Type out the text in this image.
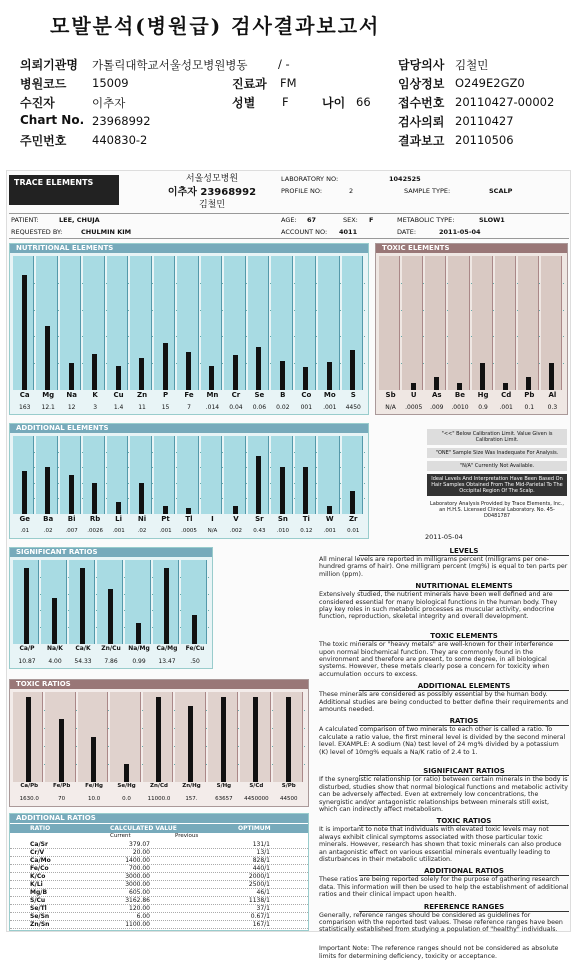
모발분석(병원급) 검사결과보고서
의뢰기관명 가톨릭대학교서울성모병원병동	/ -	담당의사 김철민
병원코드 15009	진료과 FM	임상정보 O249E2GZ0
수진자	이추자	성별 F	나이 66 접수번호 20110427-00002
Chart No. 23968992	검사의뢰 20110427
주민번호 440830-2	결과보고 20110506
TRACE ELEMENTS	서울성모병원
이추자 23968992
김철민
LABORATORY NO:	1042525
PROFILE NO:	2	SAMPLE TYPE:	SCALP
PATIENT:	LEE, CHUJA	AGE: 67	SEX: F	METABOLIC TYPE:	SLOW1
REQUESTED BY:	CHULMIN KIM	ACCOUNT NO: 4011	DATE:	2011-05-04
NUTRITIONAL ELEMENTS
Ca
163
Mg
12.1
Na
12
K
3
Cu
1.4
Zn
11
P
15
Fe
7
Mn
.014
Cr
0.04
Se
0.06
B
0.02
Co
001
Mo
.001
S
4450
TOXIC ELEMENTS
Sb
N/A
U
.0005
As
.009
Be
.0010
Hg
0.9
Cd
.001
Pb
0.1
Al
0.3
ADDITIONAL ELEMENTS
Ge
.01
Ba
.02
Bi
.007
Rb
.0026
Li
.001
Ni
.02
Pt
.001
Tl
.0005
I
N/A
V
.002
Sr
0.43
Sn
.010
Ti
0.12
W
.001
Zr
0.01
"<<" Below Calibration Limit. Value Given is Calibration Limit.
"ONE" Sample Size Was Inadequate For Analysis.
"N/A" Currently Not Available.
Ideal Levels And Interpretation Have Been Based On Hair Samples Obtained From The Mid-Parietal To The Occipital Region Of The Scalp.
Laboratory Analysis Provided by Trace Elements, Inc., an H.H.S. Licensed Clinical Laboratory. No. 45-D0481787
2011-05-04
SIGNIFICANT RATIOS
Ca/P
10.87
Na/K
4.00
Ca/K
54.33
Zn/Cu
7.86
Na/Mg
0.99
Ca/Mg
13.47
Fe/Cu
.50
TOXIC RATIOS
Ca/Pb
1630.0
Fe/Pb
70
Fe/Hg
10.0
Se/Hg
0.0
Zn/Cd
11000.0
Zn/Hg
157.
S/Hg
63657
S/Cd
4450000
S/Pb
44500
ADDITIONAL RATIOS
RATIO	CALCULATED VALUE	OPTIMUM
Current	Previous
Ca/Sr	379.07	131/1
Cr/V	20.00	13/1
Ca/Mo	1400.00	828/1
Fe/Co	700.00	440/1
K/Co	3000.00	2000/1
K/Li	3000.00	2500/1
Mg/B	605.00	46/1
S/Cu	3162.86	1138/1
Se/Tl	120.00	37/1
Se/Sn	6.00	0.67/1
Zn/Sn	1100.00	167/1
LEVELS
All mineral levels are reported in milligrams percent (milligrams per one-hundred grams of hair). One milligram percent (mg%) is equal to ten parts per million (ppm).
NUTRITIONAL ELEMENTS
Extensively studied, the nutrient minerals have been well defined and are considered essential for many biological functions in the human body. They play key roles in such metabolic processes as muscular activity, endocrine function, reproduction, skeletal integrity and overall development.
TOXIC ELEMENTS
The toxic minerals or "heavy metals" are well-known for their interference upon normal biochemical function. They are commonly found in the environment and therefore are present, to some degree, in all biological systems. However, these metals clearly pose a concern for toxicity when accumulation occurs to excess.
ADDITIONAL ELEMENTS
These minerals are considered as possibly essential by the human body. Additional studies are being conducted to better define their requirements and amounts needed.
RATIOS
A calculated comparison of two minerals to each other is called a ratio. To calculate a ratio value, the first mineral level is divided by the second mineral level. EXAMPLE: A sodium (Na) test level of 24 mg% divided by a potassium (K) level of 10mg% equals a Na/K ratio of 2.4 to 1.
SIGNIFICANT RATIOS
If the synergistic relationship (or ratio) between certain minerals in the body is disturbed, studies show that normal biological functions and metabolic activity can be adversely affected. Even at extremely low concentrations, the synergistic and/or antagonistic relationships between minerals still exist, which can indirectly affect metabolism.
TOXIC RATIOS
It is important to note that individuals with elevated toxic levels may not always exhibit clinical symptoms associated with those particular toxic minerals. However, research has shown that toxic minerals can also produce an antagonistic effect on various essential minerals eventually leading to disturbances in their metabolic utilization.
ADDITIONAL RATIOS
These ratios are being reported solely for the purpose of gathering research data. This information will then be used to help the establishment of additional ratios and their clinical impact upon health.
REFERENCE RANGES
Generally, reference ranges should be considered as guidelines for comparison with the reported test values. These reference ranges have been statistically established from studying a population of "healthy" individuals.
Important Note: The reference ranges should not be considered as absolute limits for determining deficiency, toxicity or acceptance.
